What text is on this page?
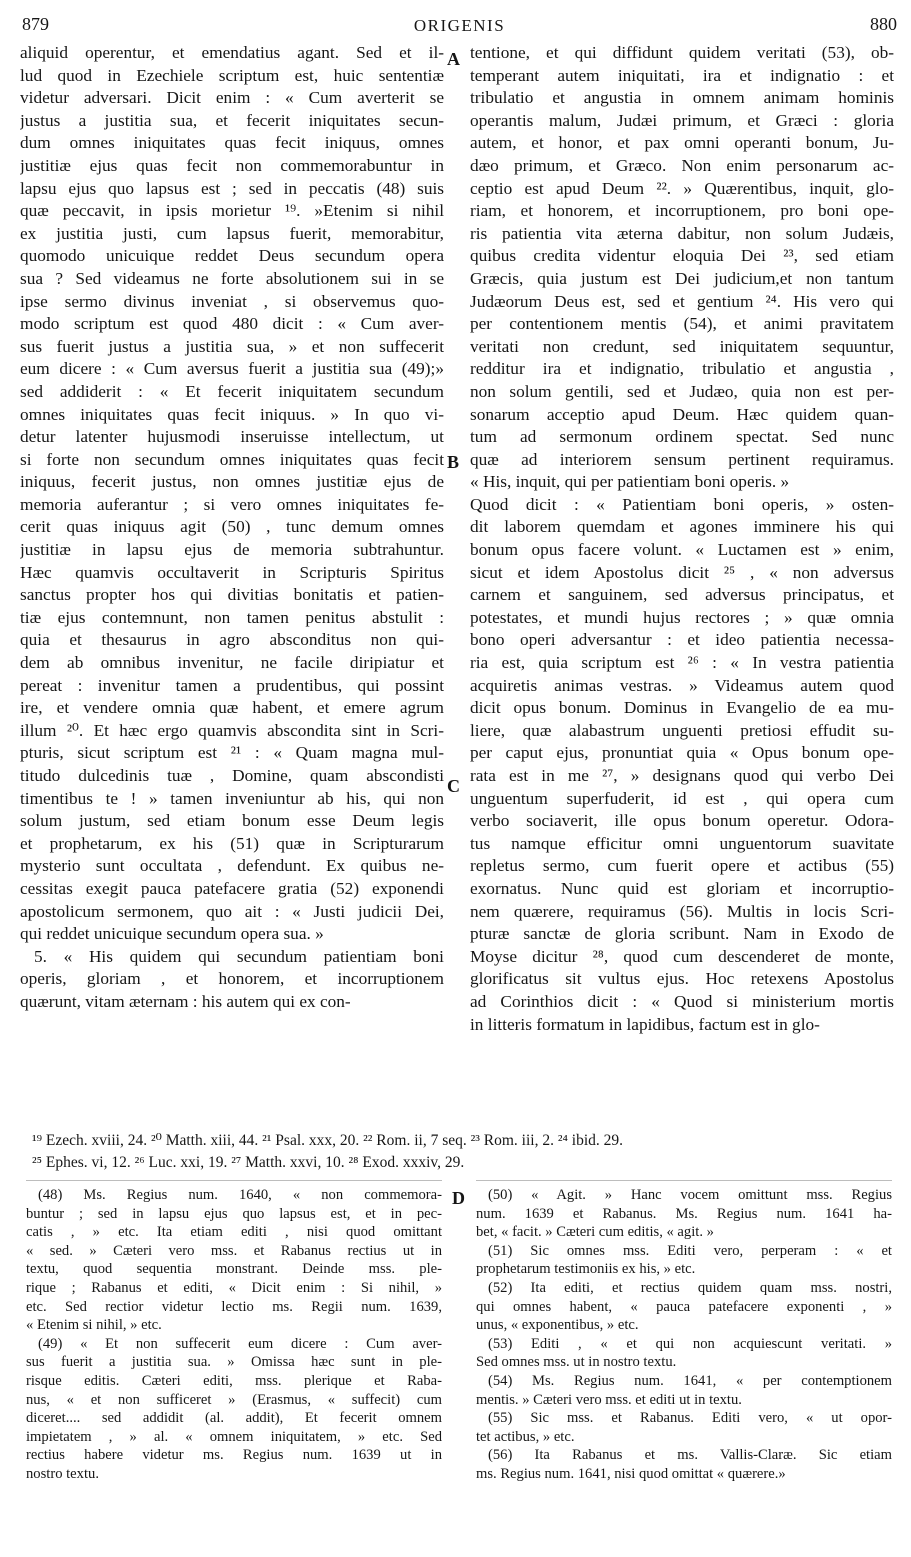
879	ORIGENIS	880
aliquid operentur, et emendatius agant. Sed et il-
lud quod in Ezechiele scriptum est, huic sententiæ
videtur adversari. Dicit enim : « Cum averterit se
justus a justitia sua, et fecerit iniquitates secun-
dum omnes iniquitates quas fecit iniquus, omnes
justitiæ ejus quas fecit non commemorabuntur in
lapsu ejus quo lapsus est ; sed in peccatis (48) suis
quæ peccavit, in ipsis morietur ¹⁹. »Etenim si nihil
ex justitia justi, cum lapsus fuerit, memorabitur,
quomodo unicuique reddet Deus secundum opera
sua ? Sed videamus ne forte absolutionem sui in se
ipse sermo divinus inveniat , si observemus quo-
modo scriptum est quod 480 dicit : « Cum aver-
sus fuerit justus a justitia sua, » et non suffecerit
eum dicere : « Cum aversus fuerit a justitia sua (49);»
sed addiderit : « Et fecerit iniquitatem secundum
omnes iniquitates quas fecit iniquus. » In quo vi-
detur latenter hujusmodi inseruisse intellectum, ut
si forte non secundum omnes iniquitates quas fecit
iniquus, fecerit justus, non omnes justitiæ ejus de
memoria auferantur ; si vero omnes iniquitates fe-
cerit quas iniquus agit (50) , tunc demum omnes
justitiæ in lapsu ejus de memoria subtrahuntur.
Hæc quamvis occultaverit in Scripturis Spiritus
sanctus propter hos qui divitias bonitatis et patien-
tiæ ejus contemnunt, non tamen penitus abstulit :
quia et thesaurus in agro absconditus non qui-
dem ab omnibus invenitur, ne facile diripiatur et
pereat : invenitur tamen a prudentibus, qui possint
ire, et vendere omnia quæ habent, et emere agrum
illum ²⁰. Et hæc ergo quamvis abscondita sint in Scri-
pturis, sicut scriptum est ²¹ : « Quam magna mul-
titudo dulcedinis tuæ , Domine, quam abscondisti
timentibus te ! » tamen inveniuntur ab his, qui non
solum justum, sed etiam bonum esse Deum legis
et prophetarum, ex his (51) quæ in Scripturarum
mysterio sunt occultata , defendunt. Ex quibus ne-
cessitas exegit pauca patefacere gratia (52) exponendi
apostolicum sermonem, quo ait : « Justi judicii Dei,
qui reddet unicuique secundum opera sua. »
5. « His quidem qui secundum patientiam boni
operis, gloriam , et honorem, et incorruptionem
quærunt, vitam æternam : his autem qui ex con-
tentione, et qui diffidunt quidem veritati (53), ob-
temperant autem iniquitati, ira et indignatio : et
tribulatio et angustia in omnem animam hominis
operantis malum, Judæi primum, et Græci : gloria
autem, et honor, et pax omni operanti bonum, Ju-
dæo primum, et Græco. Non enim personarum ac-
ceptio est apud Deum ²². » Quærentibus, inquit, glo-
riam, et honorem, et incorruptionem, pro boni ope-
ris patientia vita æterna dabitur, non solum Judæis,
quibus credita videntur eloquia Dei ²³, sed etiam
Græcis, quia justum est Dei judicium,et non tantum
Judæorum Deus est, sed et gentium ²⁴. His vero qui
per contentionem mentis (54), et animi pravitatem
veritati non credunt, sed iniquitatem sequuntur,
redditur ira et indignatio, tribulatio et angustia ,
non solum gentili, sed et Judæo, quia non est per-
sonarum acceptio apud Deum. Hæc quidem quan-
tum ad sermonum ordinem spectat. Sed nunc
quæ ad interiorem sensum pertinent requiramus.
« His, inquit, qui per patientiam boni operis. »
Quod dicit : « Patientiam boni operis, » osten-
dit laborem quemdam et agones imminere his qui
bonum opus facere volunt. « Luctamen est » enim,
sicut et idem Apostolus dicit ²⁵ , « non adversus
carnem et sanguinem, sed adversus principatus, et
potestates, et mundi hujus rectores ; » quæ omnia
bono operi adversantur : et ideo patientia necessa-
ria est, quia scriptum est ²⁶ : « In vestra patientia
acquiretis animas vestras. » Videamus autem quod
dicit opus bonum. Dominus in Evangelio de ea mu-
liere, quæ alabastrum unguenti pretiosi effudit su-
per caput ejus, pronuntiat quia « Opus bonum ope-
rata est in me ²⁷, » designans quod qui verbo Dei
unguentum superfuderit, id est , qui opera cum
verbo sociaverit, ille opus bonum operetur. Odora-
tus namque efficitur omni unguentorum suavitate
repletus sermo, cum fuerit opere et actibus (55)
exornatus. Nunc quid est gloriam et incorruptio-
nem quærere, requiramus (56). Multis in locis Scri-
pturæ sanctæ de gloria scribunt. Nam in Exodo de
Moyse dicitur ²⁸, quod cum descenderet de monte,
glorificatus sit vultus ejus. Hoc retexens Apostolus
ad Corinthios dicit : « Quod si ministerium mortis
in litteris formatum in lapidibus, factum est in glo-
A
B
C
D
¹⁹ Ezech. xviii, 24. ²⁰ Matth. xiii, 44. ²¹ Psal. xxx, 20. ²² Rom. ii, 7 seq. ²³ Rom. iii, 2. ²⁴ ibid. 29.
²⁵ Ephes. vi, 12. ²⁶ Luc. xxi, 19. ²⁷ Matth. xxvi, 10. ²⁸ Exod. xxxiv, 29.
(48) Ms. Regius num. 1640, « non commemora-
buntur ; sed in lapsu ejus quo lapsus est, et in pec-
catis , » etc. Ita etiam editi , nisi quod omittant
« sed. » Cæteri vero mss. et Rabanus rectius ut in
textu, quod sequentia monstrant. Deinde mss. ple-
rique ; Rabanus et editi, « Dicit enim : Si nihil, »
etc. Sed rectior videtur lectio ms. Regii num. 1639,
« Etenim si nihil, » etc.
(49) « Et non suffecerit eum dicere : Cum aver-
sus fuerit a justitia sua. » Omissa hæc sunt in ple-
risque editis. Cæteri editi, mss. plerique et Raba-
nus, « et non sufficeret » (Erasmus, « suffecit) cum
diceret.... sed addidit (al. addit), Et fecerit omnem
impietatem , » al. « omnem iniquitatem, » etc. Sed
rectius habere videtur ms. Regius num. 1639 ut in
nostro textu.
(50) « Agit. » Hanc vocem omittunt mss. Regius
num. 1639 et Rabanus. Ms. Regius num. 1641 ha-
bet, « facit. » Cæteri cum editis, « agit. »
(51) Sic omnes mss. Editi vero, perperam : « et
prophetarum testimoniis ex his, » etc.
(52) Ita editi, et rectius quidem quam mss. nostri,
qui omnes habent, « pauca patefacere exponenti , »
unus, « exponentibus, » etc.
(53) Editi , « et qui non acquiescunt veritati. »
Sed omnes mss. ut in nostro textu.
(54) Ms. Regius num. 1641, « per contemptionem
mentis. » Cæteri vero mss. et editi ut in textu.
(55) Sic mss. et Rabanus. Editi vero, « ut opor-
tet actibus, » etc.
(56) Ita Rabanus et ms. Vallis-Claræ. Sic etiam
ms. Regius num. 1641, nisi quod omittat « quærere.»
